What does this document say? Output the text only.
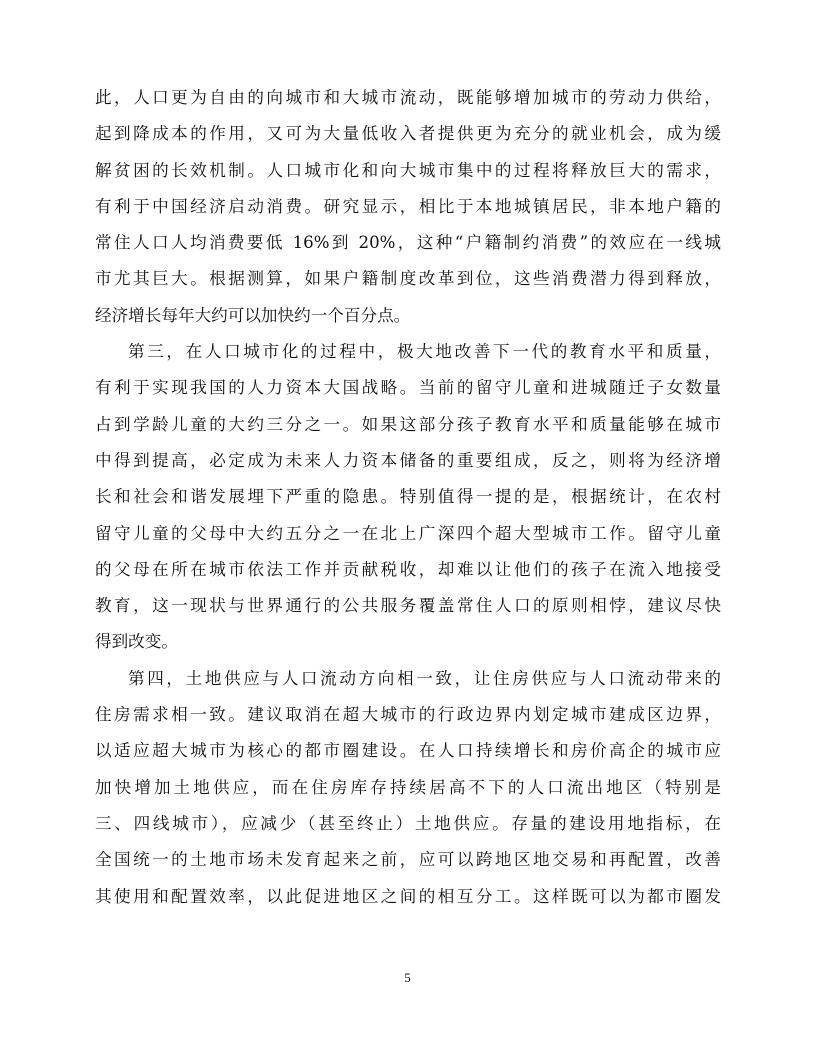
此，人口更为自由的向城市和大城市流动，既能够增加城市的劳动力供给，
起到降成本的作用，又可为大量低收入者提供更为充分的就业机会，成为缓
解贫困的长效机制。人口城市化和向大城市集中的过程将释放巨大的需求，
有利于中国经济启动消费。研究显示，相比于本地城镇居民，非本地户籍的
常住人口人均消费要低 16%到 20%，这种“户籍制约消费”的效应在一线城
市尤其巨大。根据测算，如果户籍制度改革到位，这些消费潜力得到释放，
经济增长每年大约可以加快约一个百分点。
第三，在人口城市化的过程中，极大地改善下一代的教育水平和质量，
有利于实现我国的人力资本大国战略。当前的留守儿童和进城随迁子女数量
占到学龄儿童的大约三分之一。如果这部分孩子教育水平和质量能够在城市
中得到提高，必定成为未来人力资本储备的重要组成，反之，则将为经济增
长和社会和谐发展埋下严重的隐患。特别值得一提的是，根据统计，在农村
留守儿童的父母中大约五分之一在北上广深四个超大型城市工作。留守儿童
的父母在所在城市依法工作并贡献税收，却难以让他们的孩子在流入地接受
教育，这一现状与世界通行的公共服务覆盖常住人口的原则相悖，建议尽快
得到改变。
第四，土地供应与人口流动方向相一致，让住房供应与人口流动带来的
住房需求相一致。建议取消在超大城市的行政边界内划定城市建成区边界，
以适应超大城市为核心的都市圈建设。在人口持续增长和房价高企的城市应
加快增加土地供应，而在住房库存持续居高不下的人口流出地区（特别是
三、四线城市），应减少（甚至终止）土地供应。存量的建设用地指标，在
全国统一的土地市场未发育起来之前，应可以跨地区地交易和再配置，改善
其使用和配置效率，以此促进地区之间的相互分工。这样既可以为都市圈发
5
